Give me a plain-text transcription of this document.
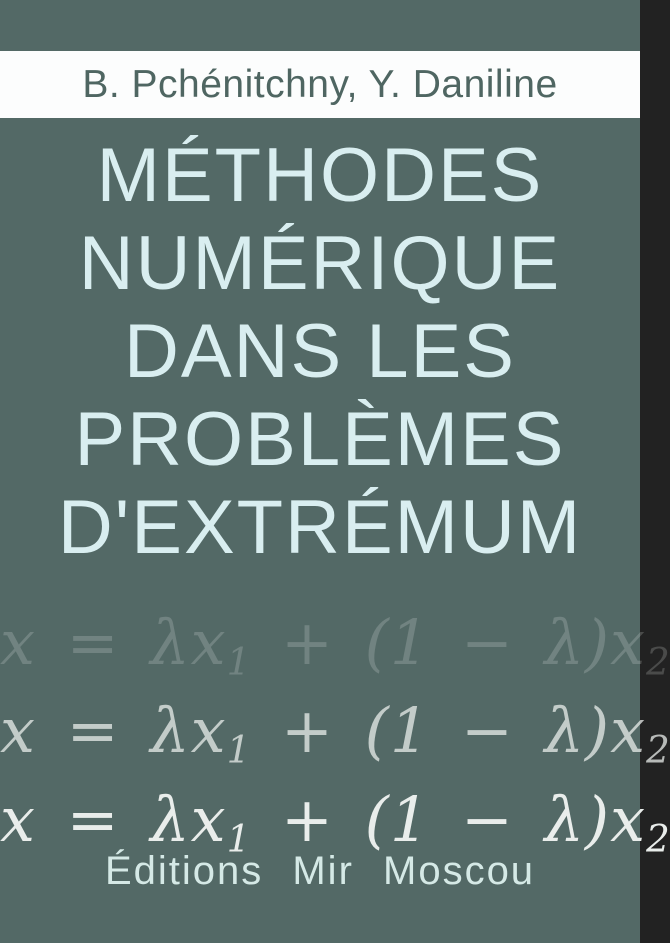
B. Pchénitchny, Y. Daniline
MÉTHODES
NUMÉRIQUE
DANS LES
PROBLÈMES
D'EXTRÉMUM
$x = \lambda x_1 + (1 - \lambda)x_2$
$x = \lambda x_1 + (1 - \lambda)x_2$
$x = \lambda x_1 + (1 - \lambda)x_2$
Éditions Mir Moscou
